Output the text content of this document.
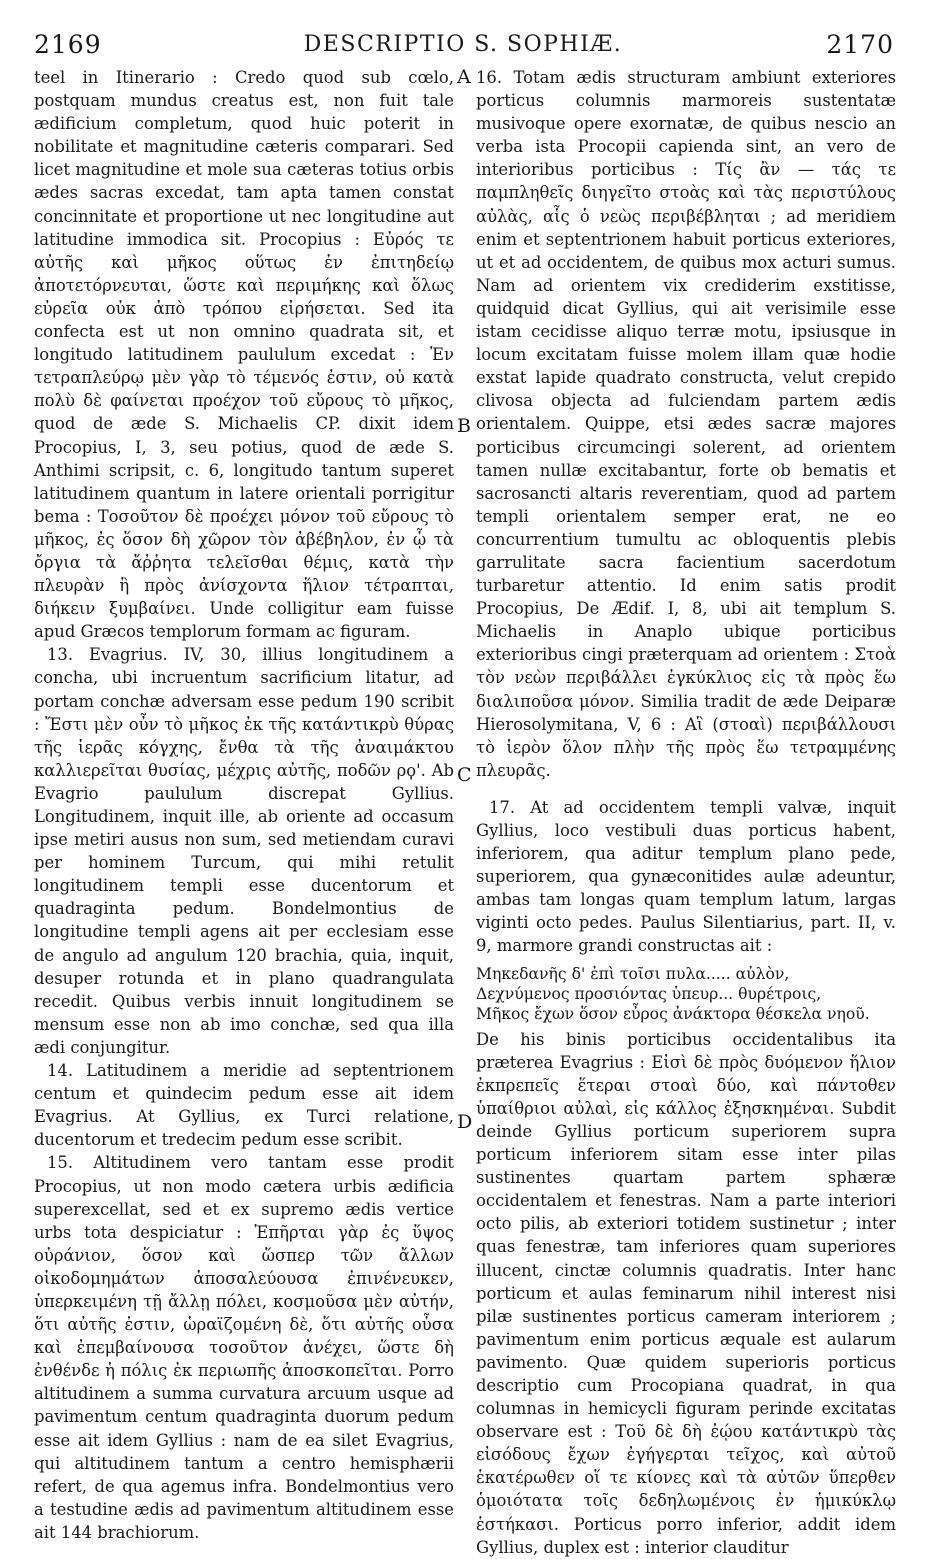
2169	DESCRIPTIO S. SOPHIÆ.	2170

teel in Itinerario : Credo quod sub cœlo, postquam mundus creatus est, non fuit tale ædificium completum, quod huic poterit in nobilitate et magnitudine cæteris comparari. Sed licet magnitudine et mole sua cæteras totius orbis ædes sacras excedat, tam apta tamen constat concinnitate et proportione ut nec longitudine aut latitudine immodica sit. Procopius : Εὐρός τε αὐτῆς καὶ μῆκος οὕτως ἐν ἐπιτηδείῳ ἀποτετόρνευται, ὥστε καὶ περιμήκης καὶ ὅλως εὐρεῖα οὐκ ἀπὸ τρόπου εἰρήσεται. Sed ita confecta est ut non omnino quadrata sit, et longitudo latitudinem paululum excedat : Ἐν τετραπλεύρῳ μὲν γὰρ τὸ τέμενός ἐστιν, οὐ κατὰ πολὺ δὲ φαίνεται προέχον τοῦ εὔρους τὸ μῆκος, quod de æde S. Michaelis CP. dixit idem Procopius, I, 3, seu potius, quod de æde S. Anthimi scripsit, c. 6, longitudo tantum superet latitudinem quantum in latere orientali porrigitur bema : Τοσοῦτον δὲ προέχει μόνον τοῦ εὔρους τὸ μῆκος, ἐς ὅσον δὴ χῶρον τὸν ἀβέβηλον, ἐν ᾧ τὰ ὄργια τὰ ἄῤῥητα τελεῖσθαι θέμις, κατὰ τὴν πλευρὰν ἣ πρὸς ἀνίσχοντα ἥλιον τέτραπται, διήκειν ξυμβαίνει. Unde colligitur eam fuisse apud Græcos templorum formam ac figuram.

13. Evagrius. IV, 30, illius longitudinem a concha, ubi incruentum sacrificium litatur, ad portam conchæ adversam esse pedum 190 scribit : Ἔστι μὲν οὖν τὸ μῆκος ἐκ τῆς κατάντικρὺ θύρας τῆς ἱερᾶς κόγχης, ἔνθα τὰ τῆς ἀναιμάκτου καλλιερεῖται θυσίας, μέχρις αὐτῆς, ποδῶν ρϙ'. Ab Evagrio paululum discrepat Gyllius. Longitudinem, inquit ille, ab oriente ad occasum ipse metiri ausus non sum, sed metiendam curavi per hominem Turcum, qui mihi retulit longitudinem templi esse ducentorum et quadraginta pedum. Bondelmontius de longitudine templi agens ait per ecclesiam esse de angulo ad angulum 120 brachia, quia, inquit, desuper rotunda et in plano quadrangulata recedit. Quibus verbis innuit longitudinem se mensum esse non ab imo conchæ, sed qua illa ædi conjungitur.

14. Latitudinem a meridie ad septentrionem centum et quindecim pedum esse ait idem Evagrius. At Gyllius, ex Turci relatione, ducentorum et tredecim pedum esse scribit.

15. Altitudinem vero tantam esse prodit Procopius, ut non modo cætera urbis ædificia superexcellat, sed et ex supremo ædis vertice urbs tota despiciatur : Ἐπῆρται γὰρ ἐς ὕψος οὐράνιον, ὅσον καὶ ὥσπερ τῶν ἄλλων οἰκοδομημάτων ἀποσαλεύουσα ἐπινένευκεν, ὑπερκειμένη τῇ ἄλλῃ πόλει, κοσμοῦσα μὲν αὐτήν, ὅτι αὐτῆς ἐστιν, ὡραϊζομένη δὲ, ὅτι αὐτῆς οὖσα καὶ ἐπεμβαίνουσα τοσοῦτον ἀνέχει, ὥστε δὴ ἐνθένδε ἡ πόλις ἐκ περιωπῆς ἀποσκοπεῖται. Porro altitudinem a summa curvatura arcuum usque ad pavimentum centum quadraginta duorum pedum esse ait idem Gyllius : nam de ea silet Evagrius, qui altitudinem tantum a centro hemisphærii refert, de qua agemus infra. Bondelmontius vero a testudine ædis ad pavimentum altitudinem esse ait 144 brachiorum.

A
B
C
D

16. Totam ædis structuram ambiunt exteriores porticus columnis marmoreis sustentatæ musivoque opere exornatæ, de quibus nescio an verba ista Procopii capienda sint, an vero de interioribus porticibus : Τίς ἂν — τάς τε παμπληθεῖς διηγεῖτο στοὰς καὶ τὰς περιστύλους αὐλὰς, αἷς ὁ νεὼς περιβέβληται ; ad meridiem enim et septentrionem habuit porticus exteriores, ut et ad occidentem, de quibus mox acturi sumus. Nam ad orientem vix crediderim exstitisse, quidquid dicat Gyllius, qui ait verisimile esse istam cecidisse aliquo terræ motu, ipsiusque in locum excitatam fuisse molem illam quæ hodie exstat lapide quadrato constructa, velut crepido clivosa objecta ad fulciendam partem ædis orientalem. Quippe, etsi ædes sacræ majores porticibus circumcingi solerent, ad orientem tamen nullæ excitabantur, forte ob bematis et sacrosancti altaris reverentiam, quod ad partem templi orientalem semper erat, ne eo concurrentium tumultu ac obloquentis plebis garrulitate sacra facientium sacerdotum turbaretur attentio. Id enim satis prodit Procopius, De Ædif. I, 8, ubi ait templum S. Michaelis in Anaplo ubique porticibus exterioribus cingi præterquam ad orientem : Στοὰ τὸν νεὼν περιβάλλει ἐγκύκλιος εἰς τὰ πρὸς ἕω διαλιποῦσα μόνον. Similia tradit de æde Deiparæ Hierosolymitana, V, 6 : Αἳ (στοαὶ) περιβάλλουσι τὸ ἱερὸν ὅλον πλὴν τῆς πρὸς ἕω τετραμμένης πλευρᾶς.

17. At ad occidentem templi valvæ, inquit Gyllius, loco vestibuli duas porticus habent, inferiorem, qua aditur templum plano pede, superiorem, qua gynæconitides aulæ adeuntur, ambas tam longas quam templum latum, largas viginti octo pedes. Paulus Silentiarius, part. II, v. 9, marmore grandi constructas ait :

Μηκεδανῆς δ' ἐπὶ τοῖσι πυλα..... αὐλὸν,

Δεχνύμενος προσιόντας ὑπευρ... θυρέτροις,

Μῆκος ἔχων ὅσον εὖρος ἀνάκτορα θέσκελα νηοῦ.

De his binis porticibus occidentalibus ita præterea Evagrius : Εἰσὶ δὲ πρὸς δυόμενον ἥλιον ἐκπρεπεῖς ἕτεραι στοαὶ δύο, καὶ πάντοθεν ὑπαίθριοι αὐλαὶ, εἰς κάλλος ἐξησκημέναι. Subdit deinde Gyllius porticum superiorem supra porticum inferiorem sitam esse inter pilas sustinentes quartam partem sphæræ occidentalem et fenestras. Nam a parte interiori octo pilis, ab exteriori totidem sustinetur ; inter quas fenestræ, tam inferiores quam superiores illucent, cinctæ columnis quadratis. Inter hanc porticum et aulas feminarum nihil interest nisi pilæ sustinentes porticus cameram interiorem ; pavimentum enim porticus æquale est aularum pavimento. Quæ quidem superioris porticus descriptio cum Procopiana quadrat, in qua columnas in hemicycli figuram perinde excitatas observare est : Τοῦ δὲ δὴ ἐῴου κατάντικρὺ τὰς εἰσόδους ἔχων ἐγήγερται τεῖχος, καὶ αὐτοῦ ἑκατέρωθεν οἵ τε κίονες καὶ τὰ αὐτῶν ὕπερθεν ὁμοιότατα τοῖς δεδηλωμένοις ἐν ἡμικύκλῳ ἑστήκασι. Porticus porro inferior, addit idem Gyllius, duplex est : interior clauditur
